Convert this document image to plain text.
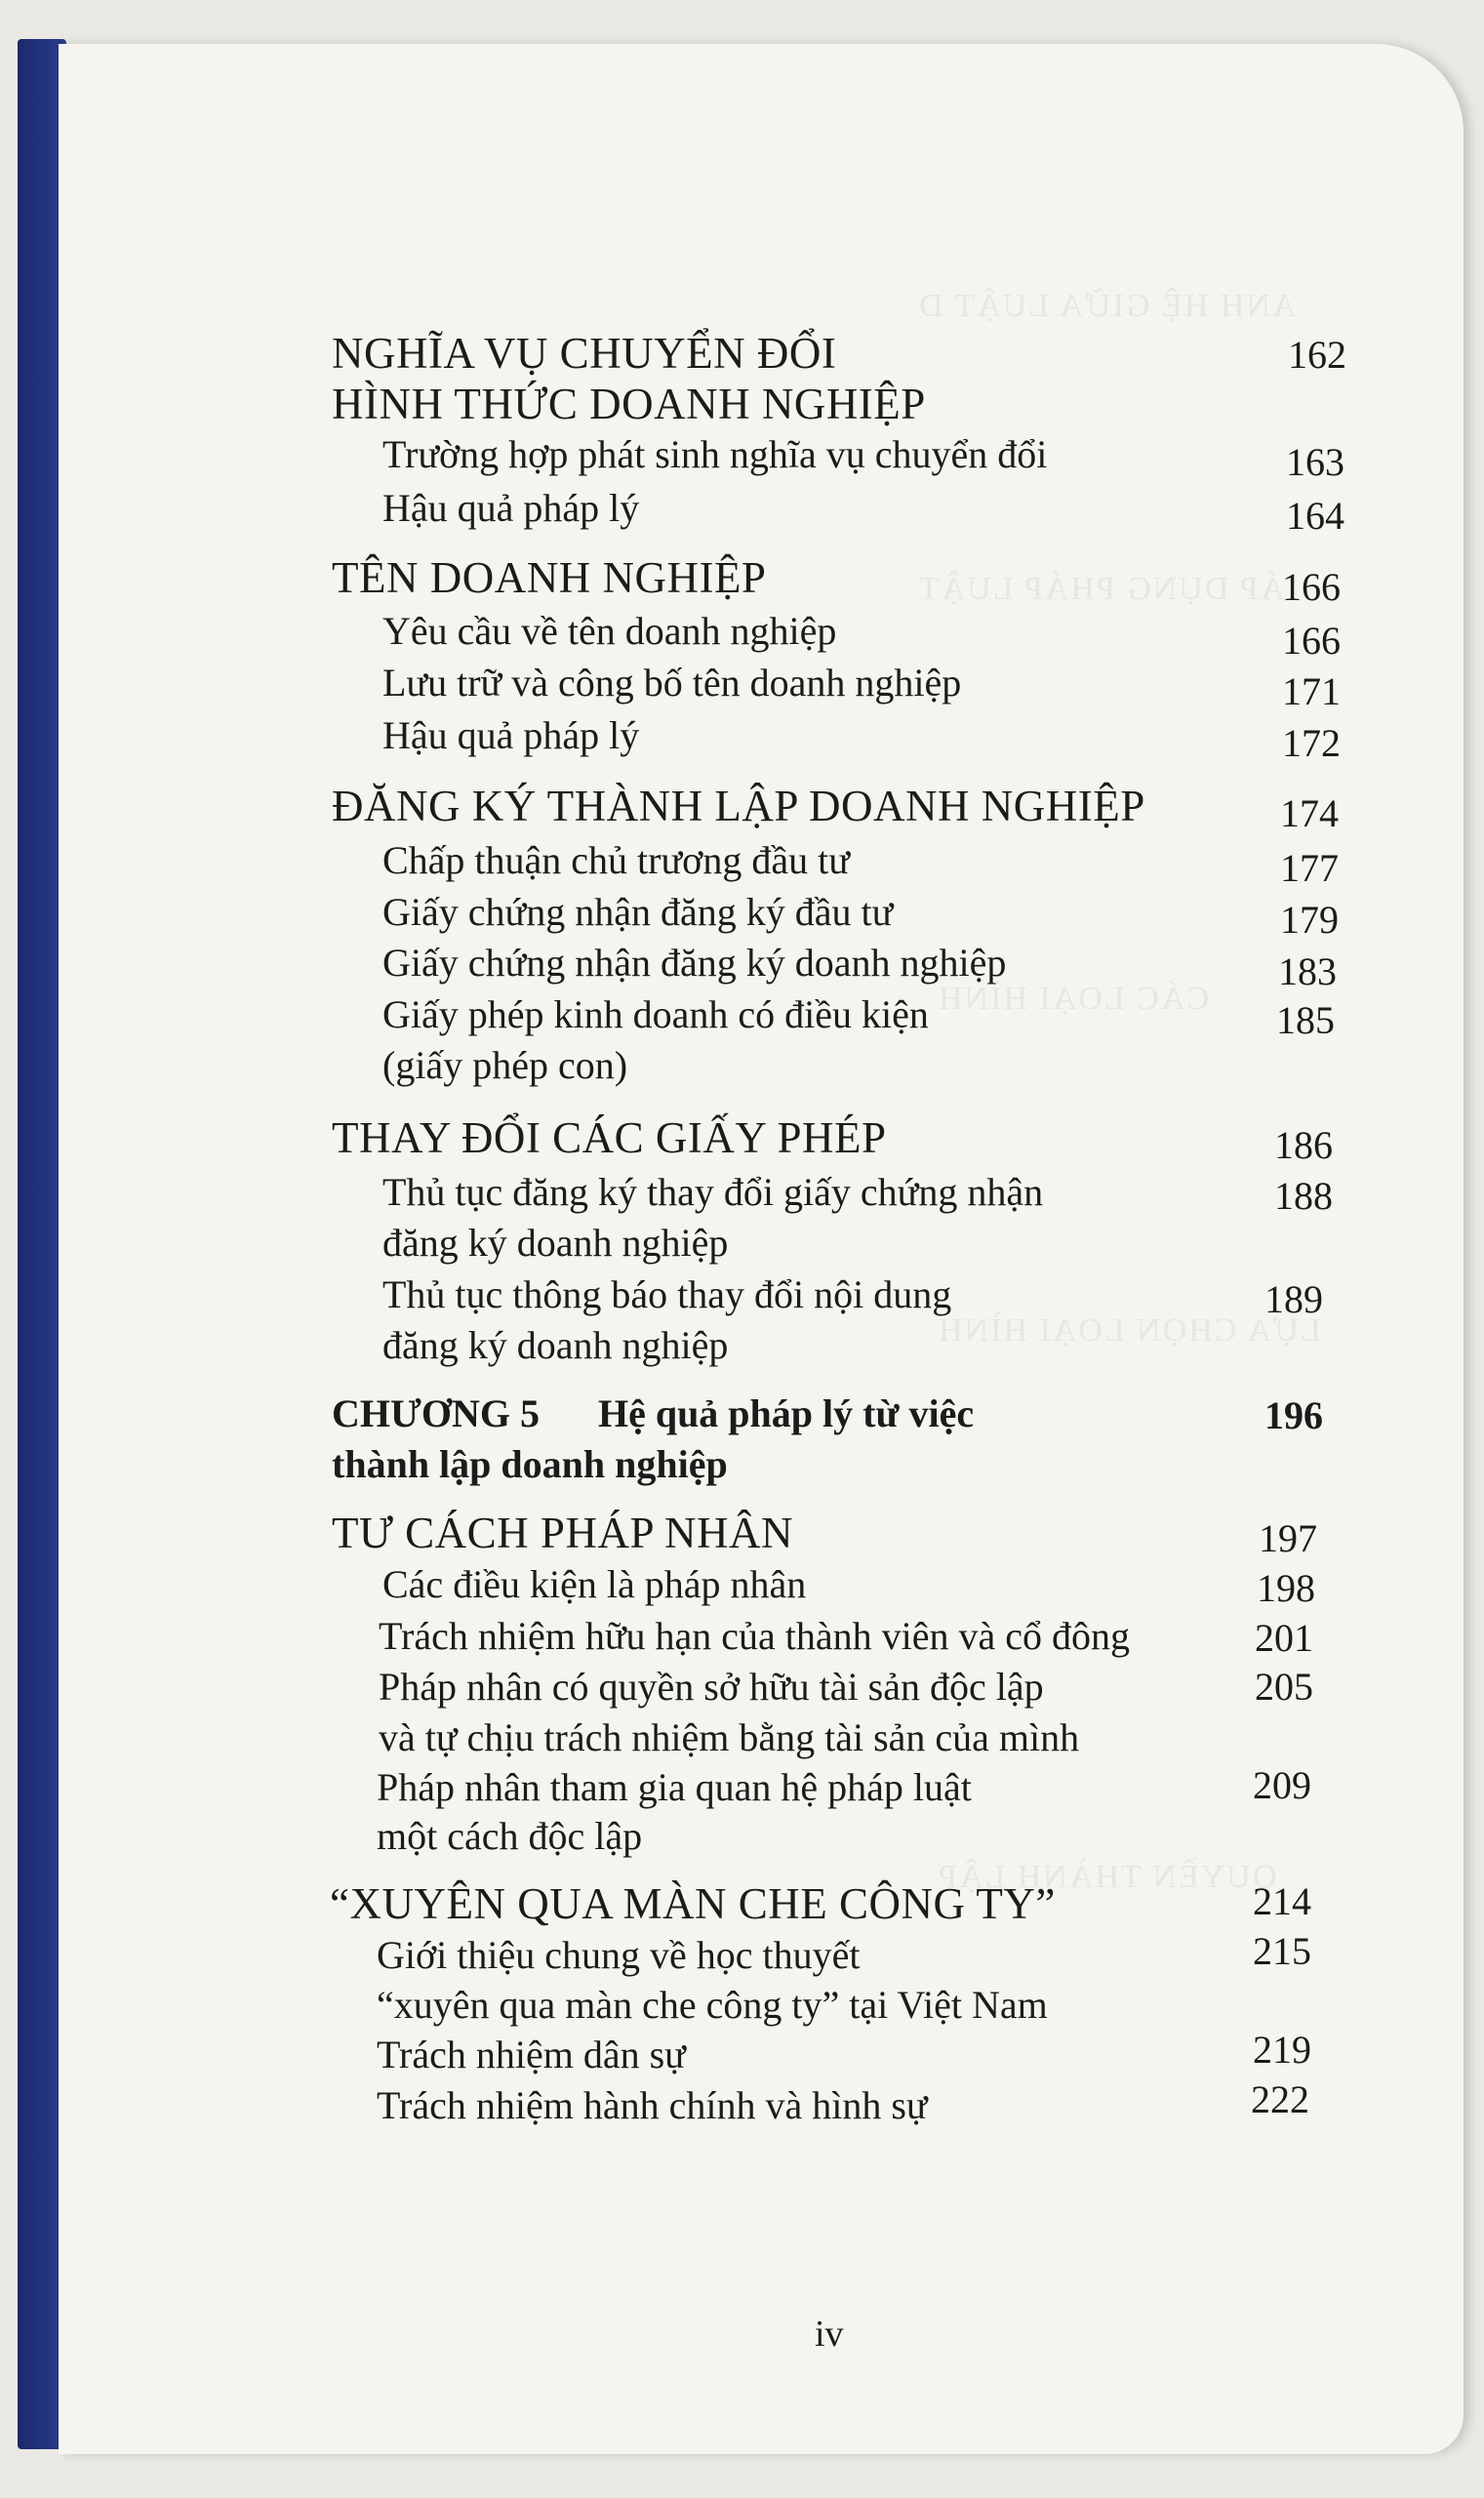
ANH HỆ GIỮA LUẬT D
ÁP DỤNG PHÁP LUẬT
CÁC LOẠI HÌNH
LỰA CHỌN LOẠI HÌNH
QUYỀN THÀNH LẬP
NGHĨA VỤ CHUYỂN ĐỔI	162
HÌNH THỨC DOANH NGHIỆP
Trường hợp phát sinh nghĩa vụ chuyển đổi	163
Hậu quả pháp lý	164
TÊN DOANH NGHIỆP	166
Yêu cầu về tên doanh nghiệp	166
Lưu trữ và công bố tên doanh nghiệp	171
Hậu quả pháp lý	172
ĐĂNG KÝ THÀNH LẬP DOANH NGHIỆP	174
Chấp thuận chủ trương đầu tư	177
Giấy chứng nhận đăng ký đầu tư	179
Giấy chứng nhận đăng ký doanh nghiệp	183
Giấy phép kinh doanh có điều kiện	185
(giấy phép con)
THAY ĐỔI CÁC GIẤY PHÉP	186
Thủ tục đăng ký thay đổi giấy chứng nhận	188
đăng ký doanh nghiệp
Thủ tục thông báo thay đổi nội dung	189
đăng ký doanh nghiệp
CHƯƠNG 5      Hệ quả pháp lý từ việc	196
thành lập doanh nghiệp
TƯ CÁCH PHÁP NHÂN	197
Các điều kiện là pháp nhân	198
Trách nhiệm hữu hạn của thành viên và cổ đông	201
Pháp nhân có quyền sở hữu tài sản độc lập	205
và tự chịu trách nhiệm bằng tài sản của mình
Pháp nhân tham gia quan hệ pháp luật	209
một cách độc lập
“XUYÊN QUA MÀN CHE CÔNG TY”	214
Giới thiệu chung về học thuyết	215
“xuyên qua màn che công ty” tại Việt Nam
Trách nhiệm dân sự	219
Trách nhiệm hành chính và hình sự	222
iv
